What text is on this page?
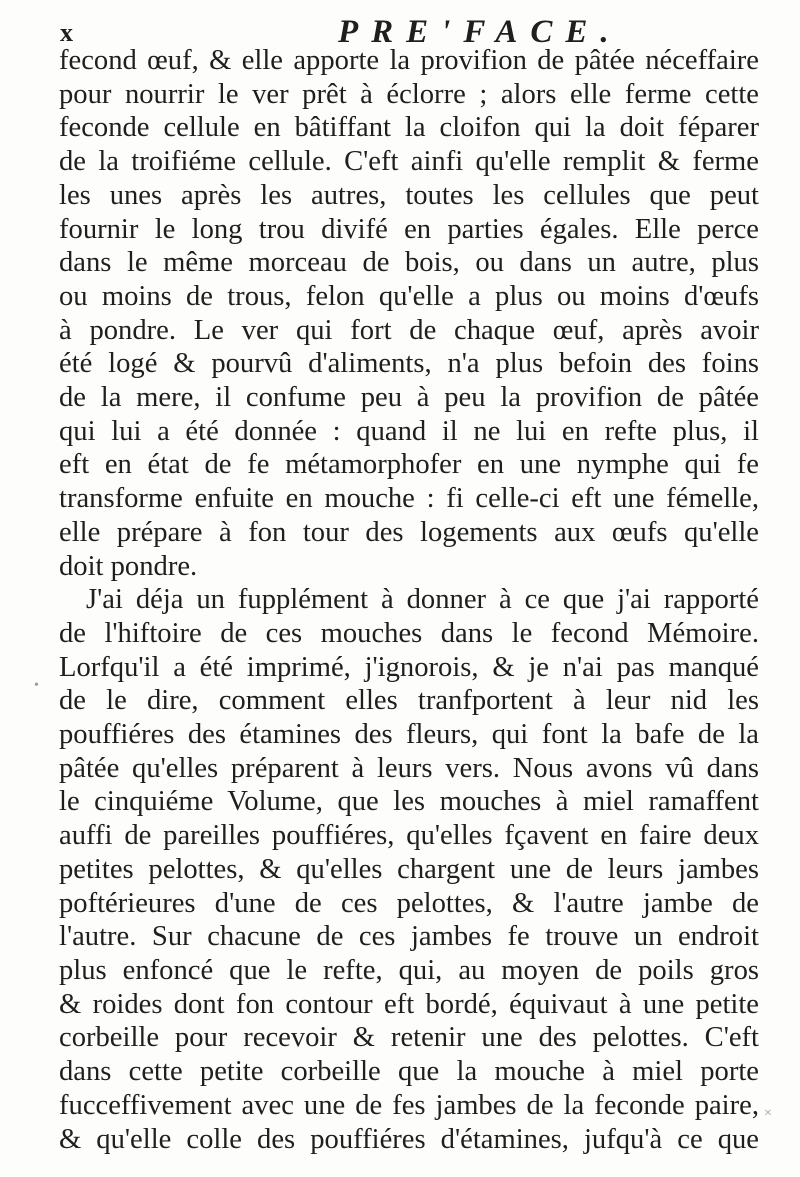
x	PRE'FACE.
fecond œuf, & elle apporte la provifion de pâtée néceffaire
pour nourrir le ver prêt à éclorre ; alors elle ferme cette
feconde cellule en bâtiffant la cloifon qui la doit féparer
de la troifiéme cellule. C'eft ainfi qu'elle remplit & ferme
les unes après les autres, toutes les cellules que peut
fournir le long trou divifé en parties égales. Elle perce
dans le même morceau de bois, ou dans un autre, plus
ou moins de trous, felon qu'elle a plus ou moins d'œufs
à pondre. Le ver qui fort de chaque œuf, après avoir
été logé & pourvû d'aliments, n'a plus befoin des foins
de la mere, il confume peu à peu la provifion de pâtée
qui lui a été donnée : quand il ne lui en refte plus, il
eft en état de fe métamorphofer en une nymphe qui fe
transforme enfuite en mouche : fi celle-ci eft une fémelle,
elle prépare à fon tour des logements aux œufs qu'elle
doit pondre.
J'ai déja un fupplément à donner à ce que j'ai rapporté
de l'hiftoire de ces mouches dans le fecond Mémoire.
Lorfqu'il a été imprimé, j'ignorois, & je n'ai pas manqué
de le dire, comment elles tranfportent à leur nid les
pouffiéres des étamines des fleurs, qui font la bafe de la
pâtée qu'elles préparent à leurs vers. Nous avons vû dans
le cinquiéme Volume, que les mouches à miel ramaffent
auffi de pareilles pouffiéres, qu'elles fçavent en faire deux
petites pelottes, & qu'elles chargent une de leurs jambes
poftérieures d'une de ces pelottes, & l'autre jambe de
l'autre. Sur chacune de ces jambes fe trouve un endroit
plus enfoncé que le refte, qui, au moyen de poils gros
& roides dont fon contour eft bordé, équivaut à une petite
corbeille pour recevoir & retenir une des pelottes. C'eft
dans cette petite corbeille que la mouche à miel porte
fucceffivement avec une de fes jambes de la feconde paire,
& qu'elle colle des pouffiéres d'étamines, jufqu'à ce que
•
×
